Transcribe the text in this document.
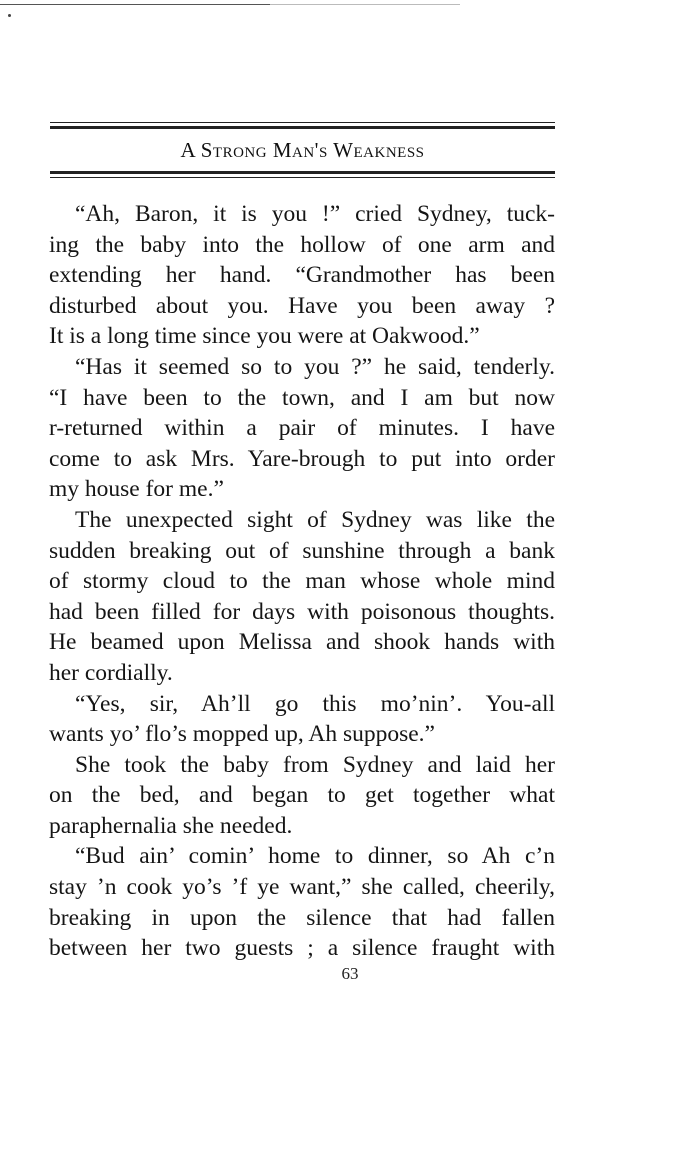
A Strong Man's Weakness
“Ah, Baron, it is you !” cried Sydney, tuck-
ing the baby into the hollow of one arm and
extending her hand. “Grandmother has been
disturbed about you. Have you been away ?
It is a long time since you were at Oakwood.”
“Has it seemed so to you ?” he said, tenderly.
“I have been to the town, and I am but now
r-returned within a pair of minutes. I have
come to ask Mrs. Yare-brough to put into order
my house for me.”
The unexpected sight of Sydney was like the
sudden breaking out of sunshine through a bank
of stormy cloud to the man whose whole mind
had been filled for days with poisonous thoughts.
He beamed upon Melissa and shook hands with
her cordially.
“Yes, sir, Ah’ll go this mo’nin’. You-all
wants yo’ flo’s mopped up, Ah suppose.”
She took the baby from Sydney and laid her
on the bed, and began to get together what
paraphernalia she needed.
“Bud ain’ comin’ home to dinner, so Ah c’n
stay ’n cook yo’s ’f ye want,” she called, cheerily,
breaking in upon the silence that had fallen
between her two guests ; a silence fraught with
63
